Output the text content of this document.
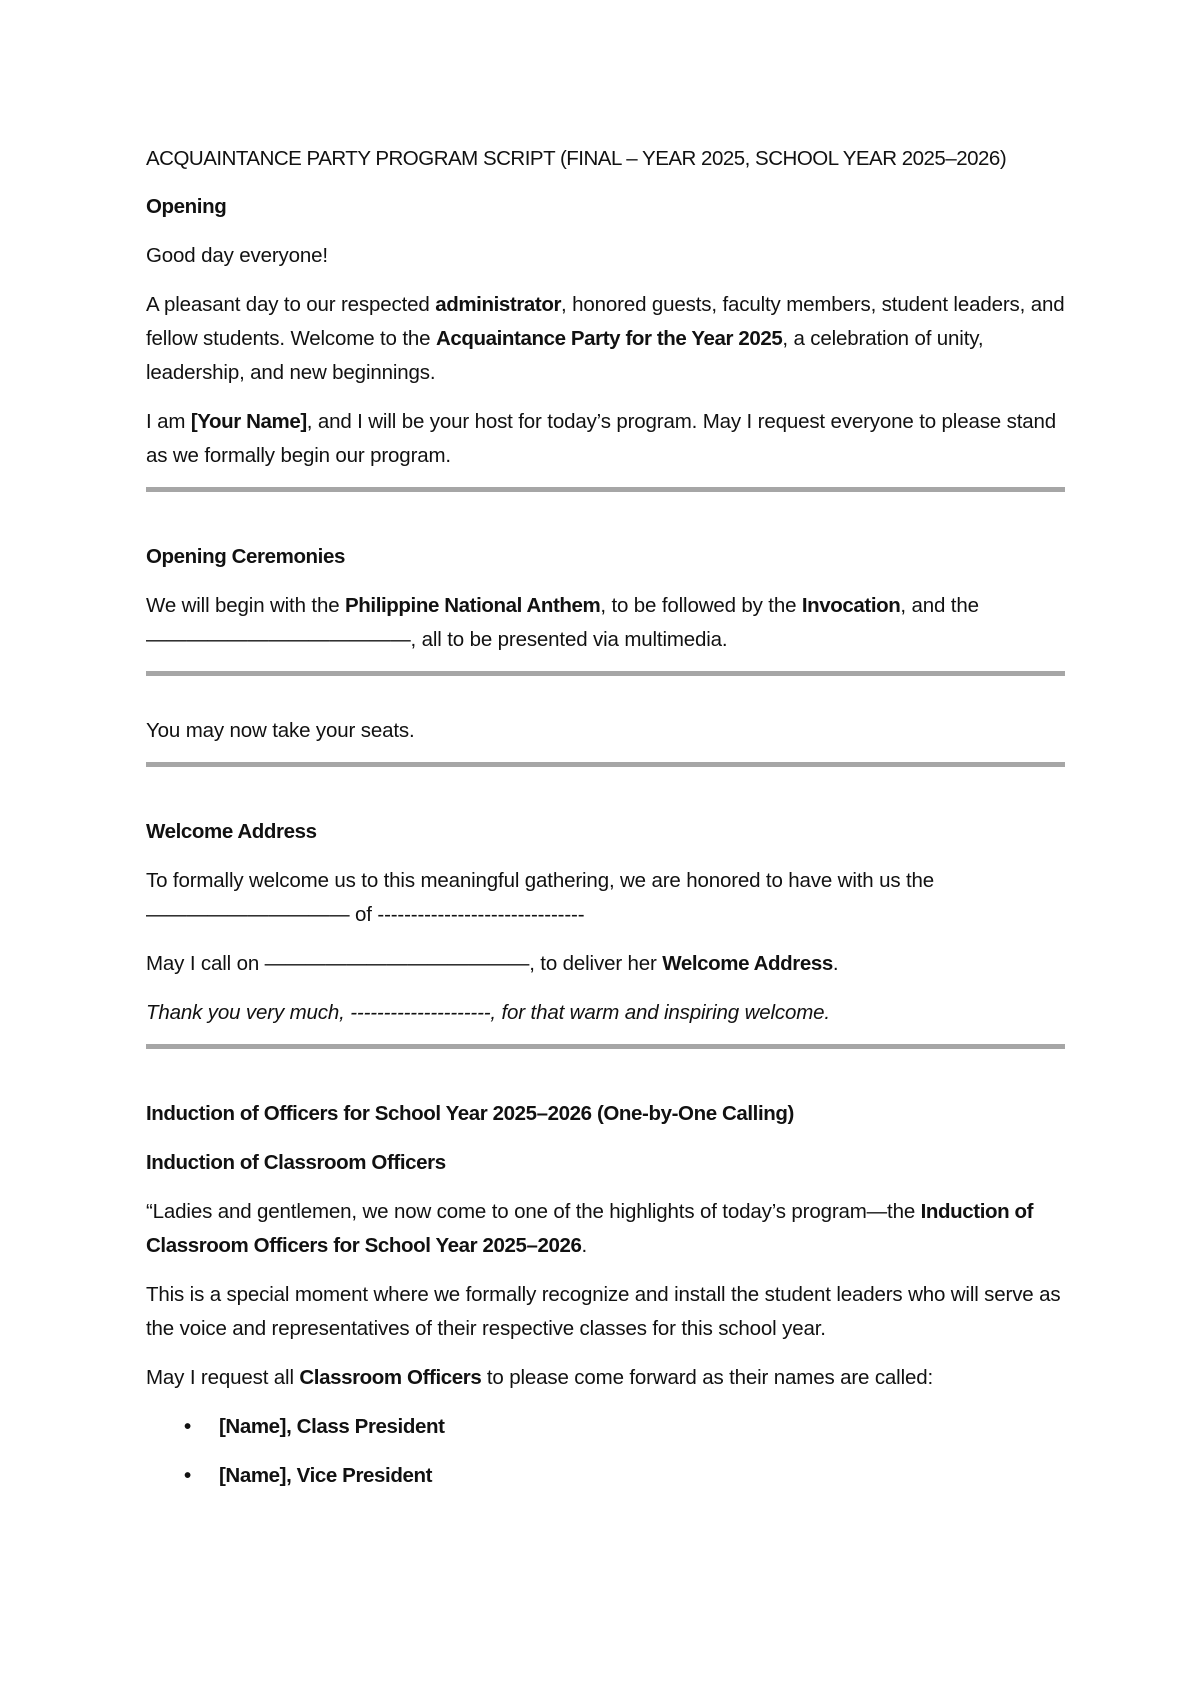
ACQUAINTANCE PARTY PROGRAM SCRIPT (FINAL – YEAR 2025, SCHOOL YEAR 2025–2026)

Opening

Good day everyone!

A pleasant day to our respected administrator, honored guests, faculty members, student leaders, and fellow students. Welcome to the Acquaintance Party for the Year 2025, a celebration of unity, leadership, and new beginnings.

I am [Your Name], and I will be your host for today’s program. May I request everyone to please stand as we formally begin our program.

Opening Ceremonies

We will begin with the Philippine National Anthem, to be followed by the Invocation, and the —————————————, all to be presented via multimedia.

You may now take your seats.

Welcome Address

To formally welcome us to this meaningful gathering, we are honored to have with us the —————————— of -------------------------------

May I call on —————————————, to deliver her Welcome Address.

Thank you very much, ---------------------, for that warm and inspiring welcome.

Induction of Officers for School Year 2025–2026 (One-by-One Calling)

Induction of Classroom Officers

“Ladies and gentlemen, we now come to one of the highlights of today’s program—the Induction of Classroom Officers for School Year 2025–2026.

This is a special moment where we formally recognize and install the student leaders who will serve as the voice and representatives of their respective classes for this school year.

May I request all Classroom Officers to please come forward as their names are called:

• [Name], Class President
• [Name], Vice President
